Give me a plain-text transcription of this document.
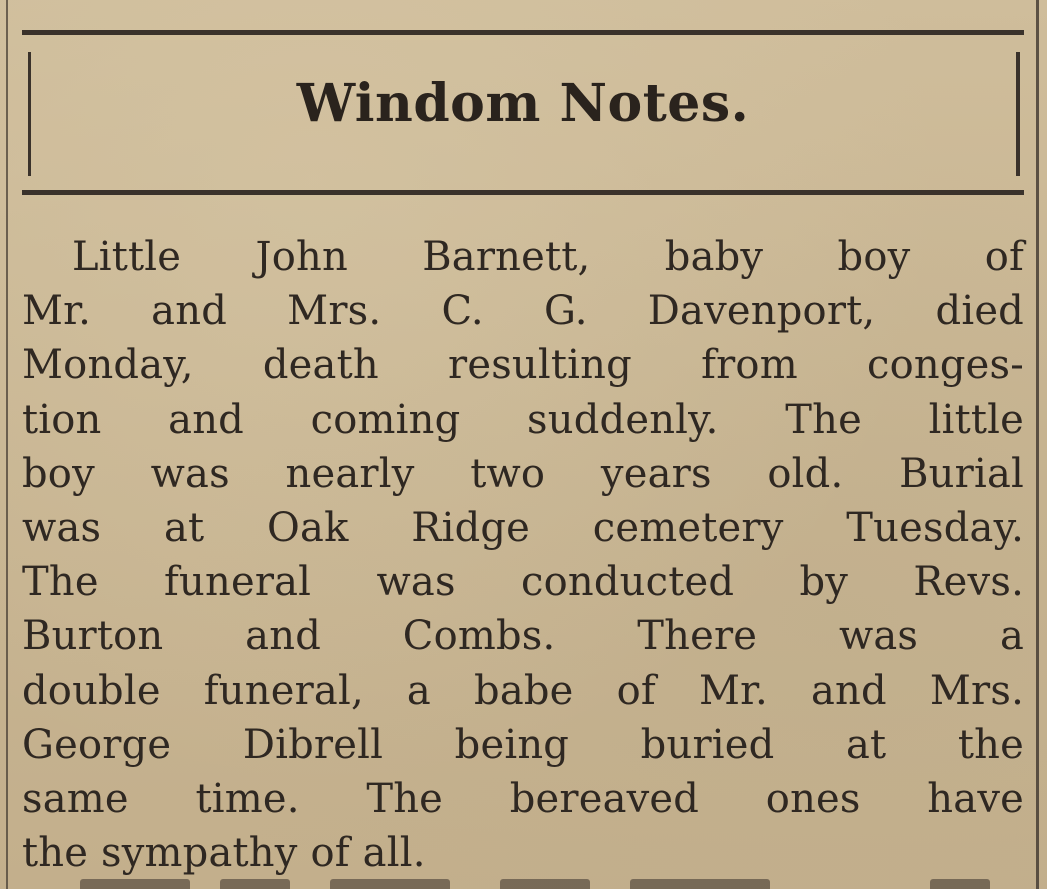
Windom Notes.
Little John Barnett, baby boy of
Mr. and Mrs. C. G. Davenport, died
Monday, death resulting from conges-
tion and coming suddenly. The little
boy was nearly two years old. Burial
was at Oak Ridge cemetery Tuesday.
The funeral was conducted by Revs.
Burton and Combs. There was a
double funeral, a babe of Mr. and Mrs.
George Dibrell being buried at the
same time. The bereaved ones have
the sympathy of all.
